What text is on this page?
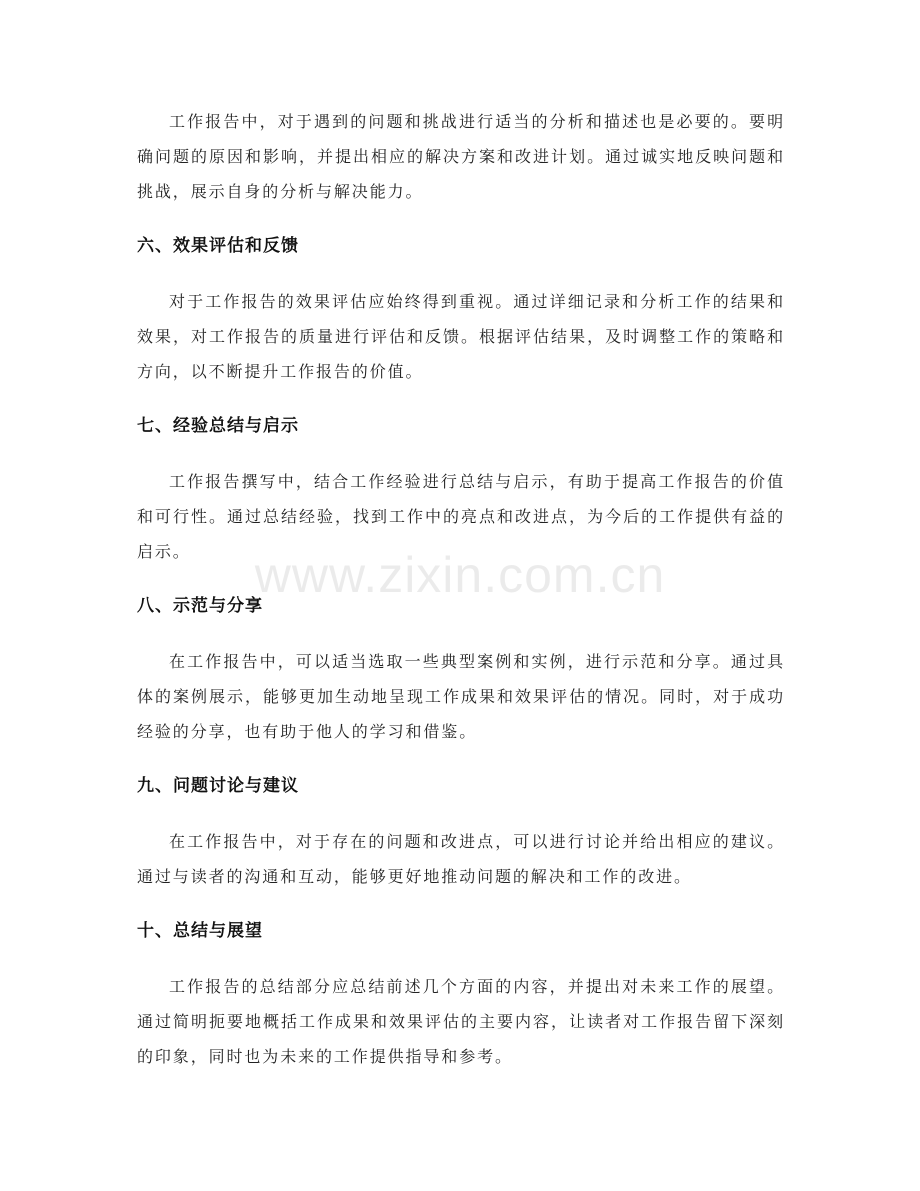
工作报告中，对于遇到的问题和挑战进行适当的分析和描述也是必要的。要明确问题的原因和影响，并提出相应的解决方案和改进计划。通过诚实地反映问题和挑战，展示自身的分析与解决能力。

六、效果评估和反馈

对于工作报告的效果评估应始终得到重视。通过详细记录和分析工作的结果和效果，对工作报告的质量进行评估和反馈。根据评估结果，及时调整工作的策略和方向，以不断提升工作报告的价值。

七、经验总结与启示

工作报告撰写中，结合工作经验进行总结与启示，有助于提高工作报告的价值和可行性。通过总结经验，找到工作中的亮点和改进点，为今后的工作提供有益的启示。

八、示范与分享

在工作报告中，可以适当选取一些典型案例和实例，进行示范和分享。通过具体的案例展示，能够更加生动地呈现工作成果和效果评估的情况。同时，对于成功经验的分享，也有助于他人的学习和借鉴。

九、问题讨论与建议

在工作报告中，对于存在的问题和改进点，可以进行讨论并给出相应的建议。通过与读者的沟通和互动，能够更好地推动问题的解决和工作的改进。

十、总结与展望

工作报告的总结部分应总结前述几个方面的内容，并提出对未来工作的展望。通过简明扼要地概括工作成果和效果评估的主要内容，让读者对工作报告留下深刻的印象，同时也为未来的工作提供指导和参考。

www.zixin.com.cn
